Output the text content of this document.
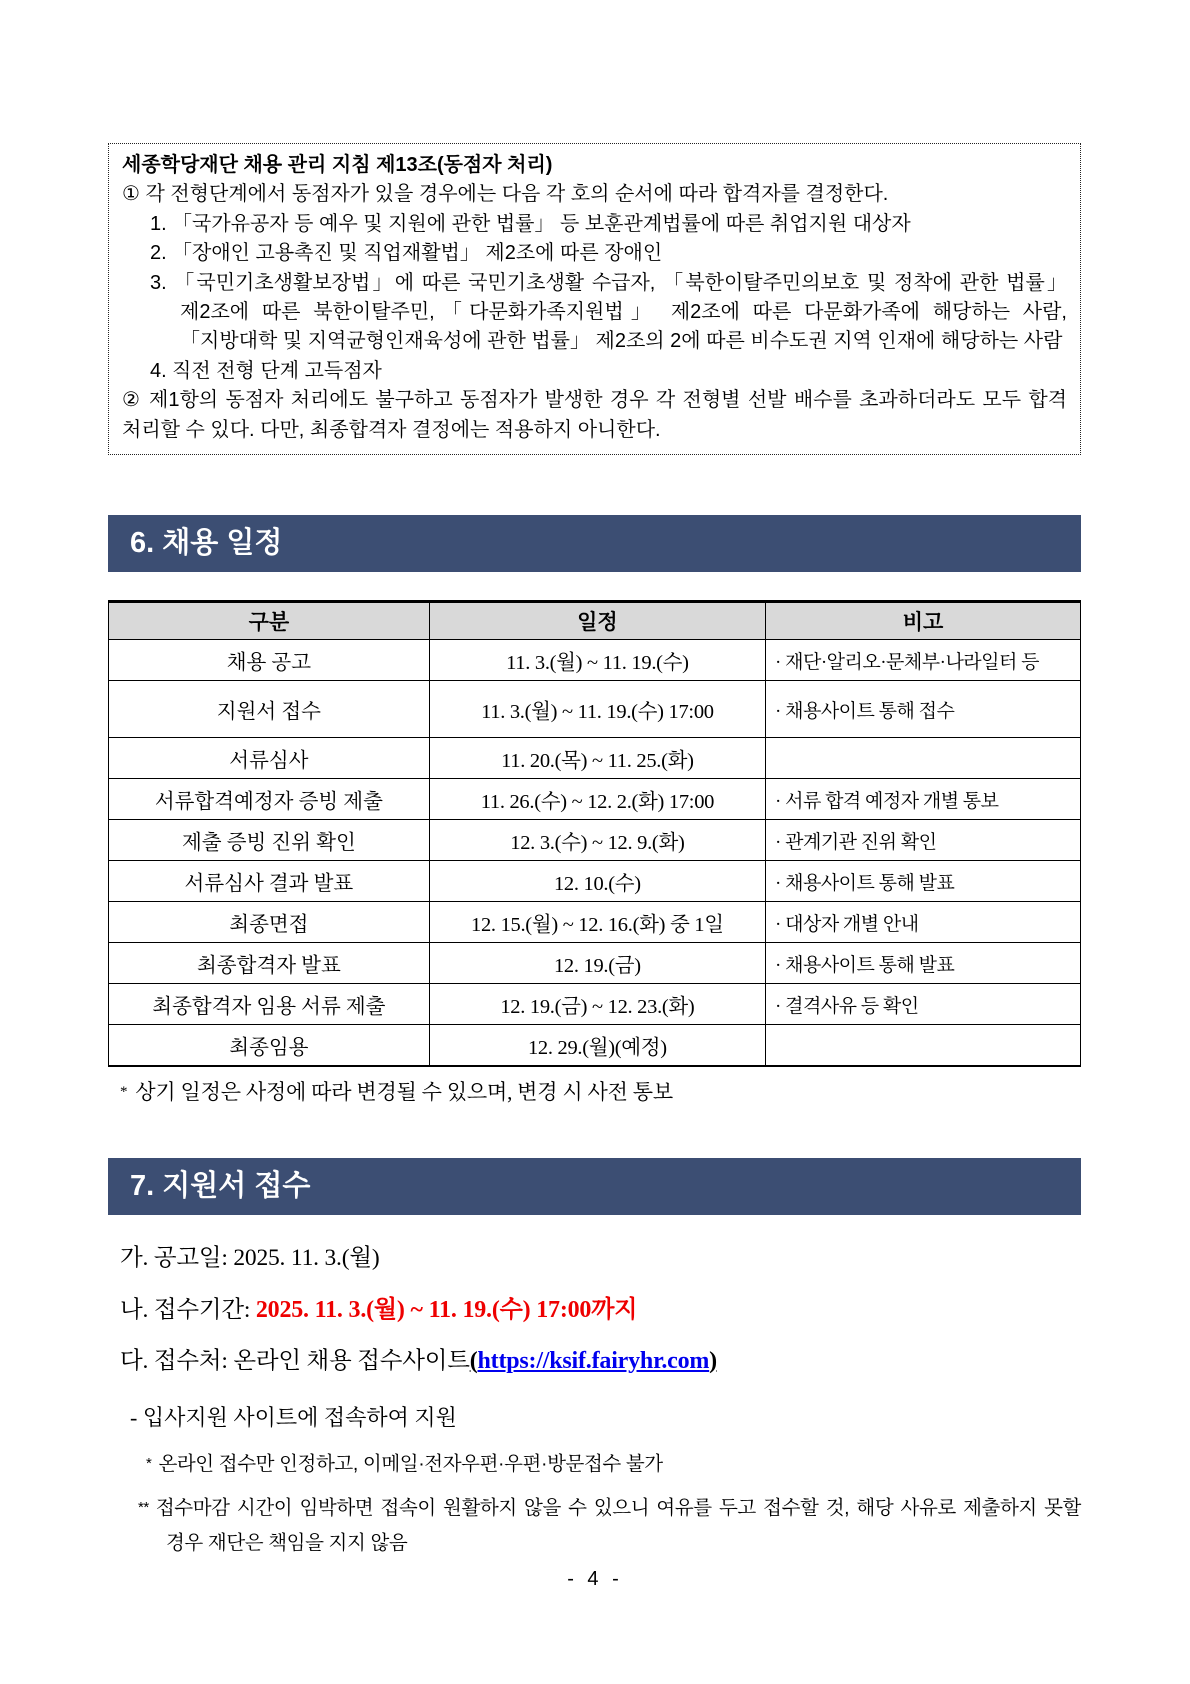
세종학당재단 채용 관리 지침 제13조(동점자 처리)
① 각 전형단계에서 동점자가 있을 경우에는 다음 각 호의 순서에 따라 합격자를 결정한다.
1. 「국가유공자 등 예우 및 지원에 관한 법률」 등 보훈관계법률에 따른 취업지원 대상자
2. 「장애인 고용촉진 및 직업재활법」 제2조에 따른 장애인
3. 「국민기초생활보장법」에 따른 국민기초생활 수급자, 「북한이탈주민의보호 및 정착에 관한 법률」 제2조에 따른 북한이탈주민,「다문화가족지원법」 제2조에 따른 다문화가족에 해당하는 사람, 「지방대학 및 지역균형인재육성에 관한 법률」 제2조의 2에 따른 비수도권 지역 인재에 해당하는 사람
4. 직전 전형 단계 고득점자
② 제1항의 동점자 처리에도 불구하고 동점자가 발생한 경우 각 전형별 선발 배수를 초과하더라도 모두 합격 처리할 수 있다. 다만, 최종합격자 결정에는 적용하지 아니한다.
6. 채용 일정
구분	일정	비고
채용 공고	11. 3.(월) ~ 11. 19.(수)	· 재단·알리오·문체부·나라일터 등
지원서 접수	11. 3.(월) ~ 11. 19.(수) 17:00	· 채용사이트 통해 접수
서류심사	11. 20.(목) ~ 11. 25.(화)	
서류합격예정자 증빙 제출	11. 26.(수) ~ 12. 2.(화) 17:00	· 서류 합격 예정자 개별 통보
제출 증빙 진위 확인	12. 3.(수) ~ 12. 9.(화)	· 관계기관 진위 확인
서류심사 결과 발표	12. 10.(수)	· 채용사이트 통해 발표
최종면접	12. 15.(월) ~ 12. 16.(화) 중 1일	· 대상자 개별 안내
최종합격자 발표	12. 19.(금)	· 채용사이트 통해 발표
최종합격자 임용 서류 제출	12. 19.(금) ~ 12. 23.(화)	· 결격사유 등 확인
최종임용	12. 29.(월)(예정)	
* 상기 일정은 사정에 따라 변경될 수 있으며, 변경 시 사전 통보
7. 지원서 접수
가. 공고일: 2025. 11. 3.(월)
나. 접수기간: 2025. 11. 3.(월) ~ 11. 19.(수) 17:00까지
다. 접수처: 온라인 채용 접수사이트(https://ksif.fairyhr.com)
- 입사지원 사이트에 접속하여 지원
* 온라인 접수만 인정하고, 이메일·전자우편·우편·방문접수 불가
** 접수마감 시간이 임박하면 접속이 원활하지 않을 수 있으니 여유를 두고 접수할 것, 해당 사유로 제출하지 못할 경우 재단은 책임을 지지 않음
- 4 -
